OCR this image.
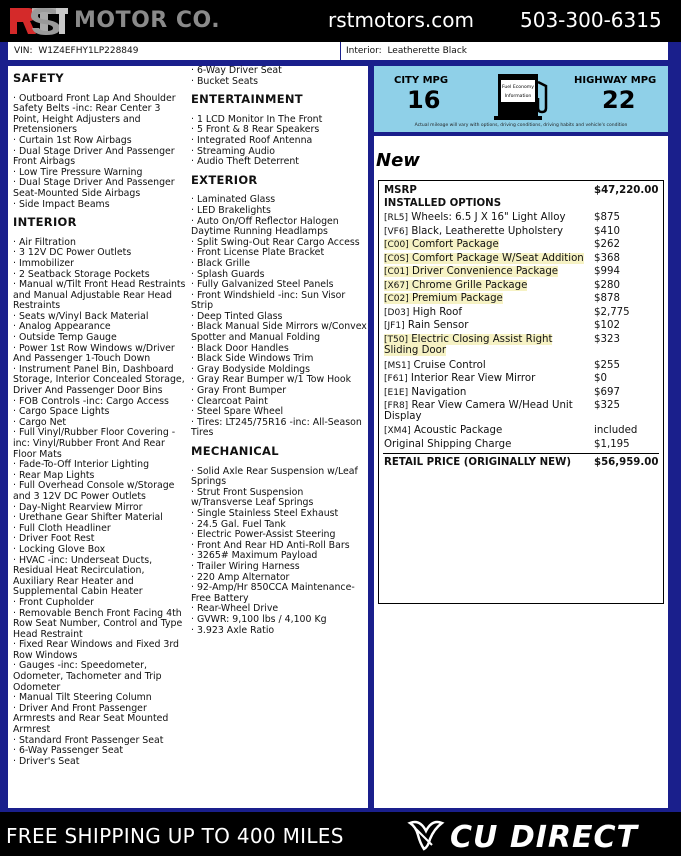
MOTOR CO.	rstmotors.com 503-300-6315
VIN: W1Z4EFHY1LP228849	Interior: Leatherette Black
SAFETY
· Outboard Front Lap And Shoulder Safety Belts -inc: Rear Center 3 Point, Height Adjusters and Pretensioners
· Curtain 1st Row Airbags
· Dual Stage Driver And Passenger Front Airbags
· Low Tire Pressure Warning
· Dual Stage Driver And Passenger Seat-Mounted Side Airbags
· Side Impact Beams
INTERIOR
· Air Filtration
· 3 12V DC Power Outlets
· Immobilizer
· 2 Seatback Storage Pockets
· Manual w/Tilt Front Head Restraints and Manual Adjustable Rear Head Restraints
· Seats w/Vinyl Back Material
· Analog Appearance
· Outside Temp Gauge
· Power 1st Row Windows w/Driver And Passenger 1-Touch Down
· Instrument Panel Bin, Dashboard Storage, Interior Concealed Storage, Driver And Passenger Door Bins
· FOB Controls -inc: Cargo Access
· Cargo Space Lights
· Cargo Net
· Full Vinyl/Rubber Floor Covering -inc: Vinyl/Rubber Front And Rear Floor Mats
· Fade-To-Off Interior Lighting
· Rear Map Lights
· Full Overhead Console w/Storage and 3 12V DC Power Outlets
· Day-Night Rearview Mirror
· Urethane Gear Shifter Material
· Full Cloth Headliner
· Driver Foot Rest
· Locking Glove Box
· HVAC -inc: Underseat Ducts, Residual Heat Recirculation, Auxiliary Rear Heater and Supplemental Cabin Heater
· Front Cupholder
· Removable Bench Front Facing 4th Row Seat Number, Control and Type Head Restraint
· Fixed Rear Windows and Fixed 3rd Row Windows
· Gauges -inc: Speedometer, Odometer, Tachometer and Trip Odometer
· Manual Tilt Steering Column
· Driver And Front Passenger Armrests and Rear Seat Mounted Armrest
· Standard Front Passenger Seat
· 6-Way Passenger Seat
· Driver's Seat
· 6-Way Driver Seat
· Bucket Seats
ENTERTAINMENT
· 1 LCD Monitor In The Front
· 5 Front & 8 Rear Speakers
· Integrated Roof Antenna
· Streaming Audio
· Audio Theft Deterrent
EXTERIOR
· Laminated Glass
· LED Brakelights
· Auto On/Off Reflector Halogen Daytime Running Headlamps
· Split Swing-Out Rear Cargo Access
· Front License Plate Bracket
· Black Grille
· Splash Guards
· Fully Galvanized Steel Panels
· Front Windshield -inc: Sun Visor Strip
· Deep Tinted Glass
· Black Manual Side Mirrors w/Convex Spotter and Manual Folding
· Black Door Handles
· Black Side Windows Trim
· Gray Bodyside Moldings
· Gray Rear Bumper w/1 Tow Hook
· Gray Front Bumper
· Clearcoat Paint
· Steel Spare Wheel
· Tires: LT245/75R16 -inc: All-Season Tires
MECHANICAL
· Solid Axle Rear Suspension w/Leaf Springs
· Strut Front Suspension w/Transverse Leaf Springs
· Single Stainless Steel Exhaust
· 24.5 Gal. Fuel Tank
· Electric Power-Assist Steering
· Front And Rear HD Anti-Roll Bars
· 3265# Maximum Payload
· Trailer Wiring Harness
· 220 Amp Alternator
· 92-Amp/Hr 850CCA Maintenance-Free Battery
· Rear-Wheel Drive
· GVWR: 9,100 lbs / 4,100 Kg
· 3.923 Axle Ratio
CITY MPG
16	Fuel Economy
Information
HIGHWAY MPG
22
Actual mileage will vary with options, driving conditions, driving habits and vehicle's condition
New
MSRP	$47,220.00
INSTALLED OPTIONS
[RL5] Wheels: 6.5 J X 16" Light Alloy	$875
[VF6] Black, Leatherette Upholstery	$410
[C00] Comfort Package	$262
[C0S] Comfort Package W/Seat Addition	$368
[C01] Driver Convenience Package	$994
[X67] Chrome Grille Package	$280
[C02] Premium Package	$878
[D03] High Roof	$2,775
[JF1] Rain Sensor	$102
[T50] Electric Closing Assist Right Sliding Door
$323
[MS1] Cruise Control	$255
[F61] Interior Rear View Mirror	$0
[E1E] Navigation	$697
[FR8] Rear View Camera W/Head Unit Display
$325
[XM4] Acoustic Package	included
Original Shipping Charge	$1,195
RETAIL PRICE (ORIGINALLY NEW) $56,959.00
FREE SHIPPING UP TO 400 MILES	CU DIRECT
